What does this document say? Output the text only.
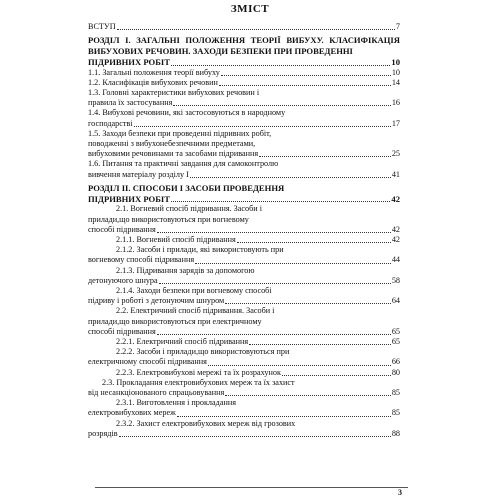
ЗМІСТ
ВСТУП	7
РОЗДІЛ І. ЗАГАЛЬНІ ПОЛОЖЕННЯ ТЕОРІЇ ВИБУХУ. КЛАСИФІКАЦІЯ ВИБУХОВИХ РЕЧОВИН. ЗАХОДИ БЕЗПЕКИ ПРИ ПРОВЕДЕННІ
ПІДРИВНИХ РОБІТ	10
1.1. Загальні положення теорії вибуху	10
1.2. Класифікація вибухових речовин	14
1.3. Головні характеристики вибухових речовин і
правила їх застосування	16
1.4. Вибухові речовини, які застосовуються в народному
господарстві	17
1.5. Заходи безпеки при проведенні підривних робіт,
поводженні з вибухонебезпечними предметами,
вибуховими речовинами та засобами підривання	25
1.6. Питання та практичні завдання для самоконтролю
вивчення матеріалу розділу І	41
РОЗДІЛ ІІ. СПОСОБИ І ЗАСОБИ ПРОВЕДЕННЯ
ПІДРИВНИХ РОБІТ	42
2.1. Вогневий спосіб підривання. Засоби і
прилади,що використовуються при вогневому
способі підривання	42
2.1.1. Вогневий спосіб підривання	42
2.1.2. Засоби і прилади, які використовують при
вогневому способі підривання	44
2.1.3. Підривання зарядів за допомогою
детонуючого шнура	58
2.1.4. Заходи безпеки при вогневому способі
підриву і роботі з детонуючим шнуром	64
2.2. Електричний спосіб підривання. Засоби і
прилади,що використовуються при електричному
способі підривання	65
2.2.1. Електричний спосіб підривання	65
2.2.2. Засоби і прилади,що використовуються при
електричному способі підривання	66
2.2.3. Електровибухові мережі та їх розрахунок	80
2.3. Прокладання електровибухових мереж та їх захист
від несанкціонованого спрацьовування	85
2.3.1. Виготовлення і прокладання
електровибухових мереж	85
2.3.2. Захист електровибухових мереж від грозових
розрядів	88
3
